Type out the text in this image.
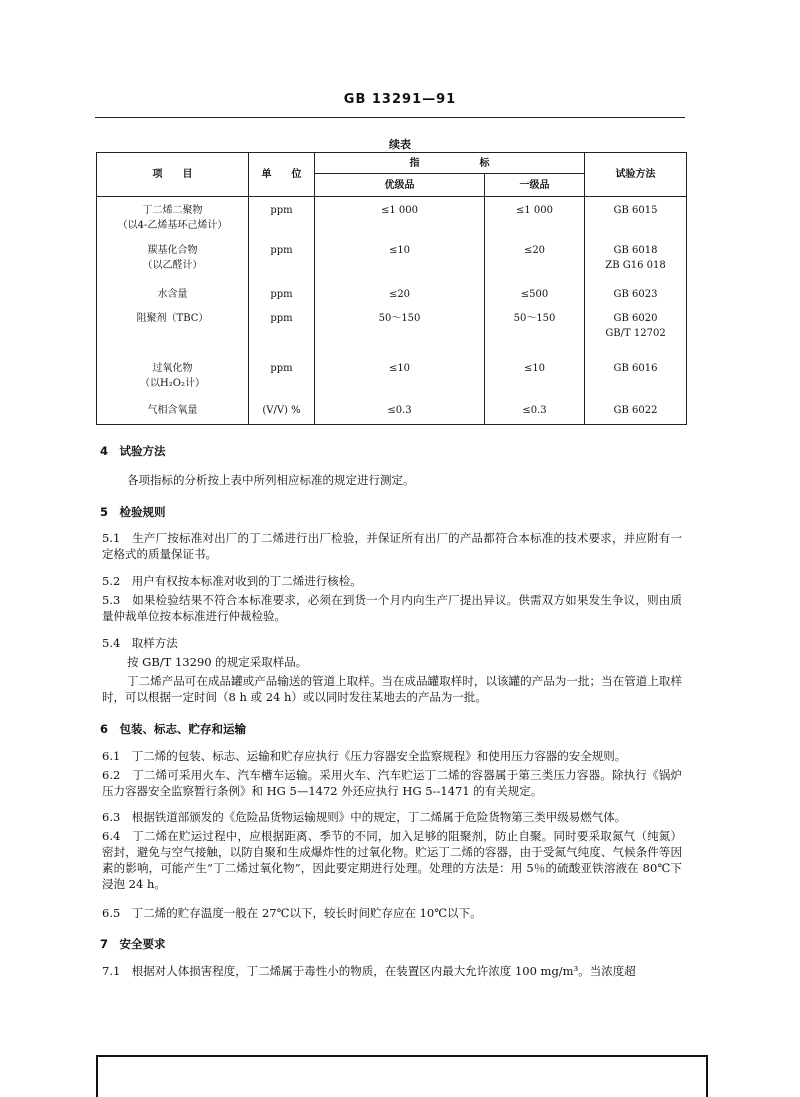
GB 13291—91
续表
项　　目	单　　位	指　　　　　　标		试验方法
		优级品	一级品	

丁二烯二聚物
（以4-乙烯基环己烯计）	ppm	≤1 000	≤1 000	GB 6015

羰基化合物
（以乙醛计）	ppm	≤10	≤20	GB 6018
ZB G16 018

水含量	ppm	≤20	≤500	GB 6023
阻聚剂（TBC）	ppm	50～150	50～150	GB 6020
GB/T 12702

过氧化物
（以H₂O₂计）	ppm	≤10	≤10	GB 6016
气相含氧量	(V/V) %	≤0.3	≤0.3	GB 6022
4　试验方法
各项指标的分析按上表中所列相应标准的规定进行测定。
5　检验规则
5.1　生产厂按标准对出厂的丁二烯进行出厂检验，并保证所有出厂的产品都符合本标准的技术要求，并应附有一定格式的质量保证书。
5.2　用户有权按本标准对收到的丁二烯进行核检。
5.3　如果检验结果不符合本标准要求，必须在到货一个月内向生产厂提出异议。供需双方如果发生争议，则由质量仲裁单位按本标准进行仲裁检验。
5.4　取样方法
按 GB/T 13290 的规定采取样品。
丁二烯产品可在成品罐或产品输送的管道上取样。当在成品罐取样时，以该罐的产品为一批；当在管道上取样时，可以根据一定时间（8 h 或 24 h）或以同时发往某地去的产品为一批。
6　包装、标志、贮存和运输
6.1　丁二烯的包装、标志、运输和贮存应执行《压力容器安全监察规程》和使用压力容器的安全规则。
6.2　丁二烯可采用火车、汽车槽车运输。采用火车、汽车贮运丁二烯的容器属于第三类压力容器。除执行《锅炉压力容器安全监察暂行条例》和 HG 5—1472 外还应执行 HG 5--1471 的有关规定。
6.3　根据铁道部颁发的《危险品货物运输规则》中的规定，丁二烯属于危险货物第三类甲级易燃气体。
6.4　丁二烯在贮运过程中，应根据距离、季节的不同，加入足够的阻聚剂，防止自聚。同时要采取氮气（纯氮）密封，避免与空气接触，以防自聚和生成爆炸性的过氧化物。贮运丁二烯的容器，由于受氮气纯度、气候条件等因素的影响，可能产生“丁二烯过氧化物”，因此要定期进行处理。处理的方法是：用 5％的硫酸亚铁溶液在 80℃下浸泡 24 h。
6.5　丁二烯的贮存温度一般在 27℃以下，较长时间贮存应在 10℃以下。
7　安全要求
7.1　根据对人体损害程度，丁二烯属于毒性小的物质，在装置区内最大允许浓度 100 mg/m³。当浓度超
